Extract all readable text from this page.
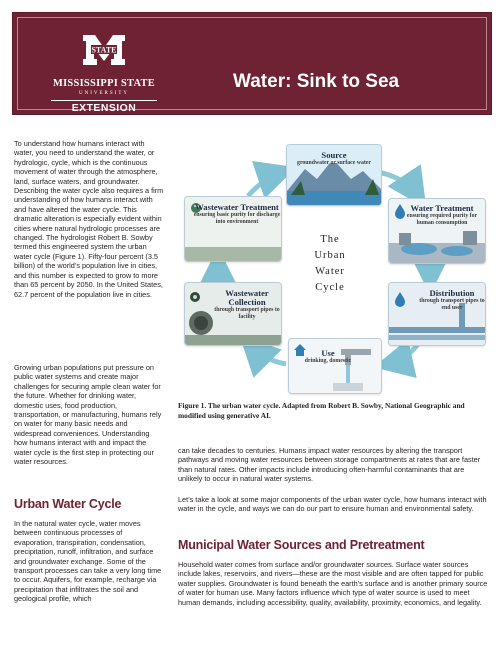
STATE
MISSISSIPPI STATE
UNIVERSITY
EXTENSION
Water: Sink to Sea

To understand how humans interact with water, you need to understand the water, or hydrologic, cycle, which is the continuous movement of water through the atmosphere, land, surface waters, and groundwater. Describing the water cycle also requires a firm understanding of how humans interact with and have altered the water cycle. This dramatic alteration is especially evident within cities where natural hydrologic processes are changed. The hydrologist Robert B. Sowby termed this engineered system the urban water cycle (Figure 1). Fifty-four percent (3.5 billion) of the world’s population live in cities, and this number is expected to grow to more than 65 percent by 2050. In the United States, 62.7 percent of the population live in cities.

Growing urban populations put pressure on public water systems and create major challenges for securing ample clean water for the future. Whether for drinking water, domestic uses, food production, transportation, or manufacturing, humans rely on water for many basic needs and widespread conveniences. Understanding how humans interact with and impact the water cycle is the first step in protecting our water resources.

Urban Water Cycle

In the natural water cycle, water moves between continuous processes of evaporation, transpiration, condensation, precipitation, runoff, infiltration, and surface and groundwater exchange. Some of the transport processes can take a very long time to occur. Aquifers, for example, recharge via precipitation that infiltrates the soil and geological profile, which

Source
groundwater or surface water
Water Treatment
ensuring required purity for human consumption
Distribution
through transport pipes to end user
Use
drinking, domestic
Wastewater Collection
through transport pipes to facility
Wastewater Treatment
ensuring basic purity for discharge into environment
The
Urban
Water
Cycle
Figure 1. The urban water cycle. Adapted from Robert B. Sowby, National Geographic and modified using generative AI.

can take decades to centuries. Humans impact water resources by altering the transport pathways and moving water resources between storage compartments at rates that are faster than natural rates. Other impacts include introducing often-harmful contaminants that are unlikely to occur in natural water systems.

Let’s take a look at some major components of the urban water cycle, how humans interact with water in the cycle, and ways we can do our part to ensure human and environmental safety.

Municipal Water Sources and Pretreatment

Household water comes from surface and/or groundwater sources. Surface water sources include lakes, reservoirs, and rivers—these are the most visible and are often tapped for public water supplies. Groundwater is found beneath the earth’s surface and is another primary source of water for human use. Many factors influence which type of water source is used to meet human demands, including accessibility, quality, availability, proximity, economics, and legality.
